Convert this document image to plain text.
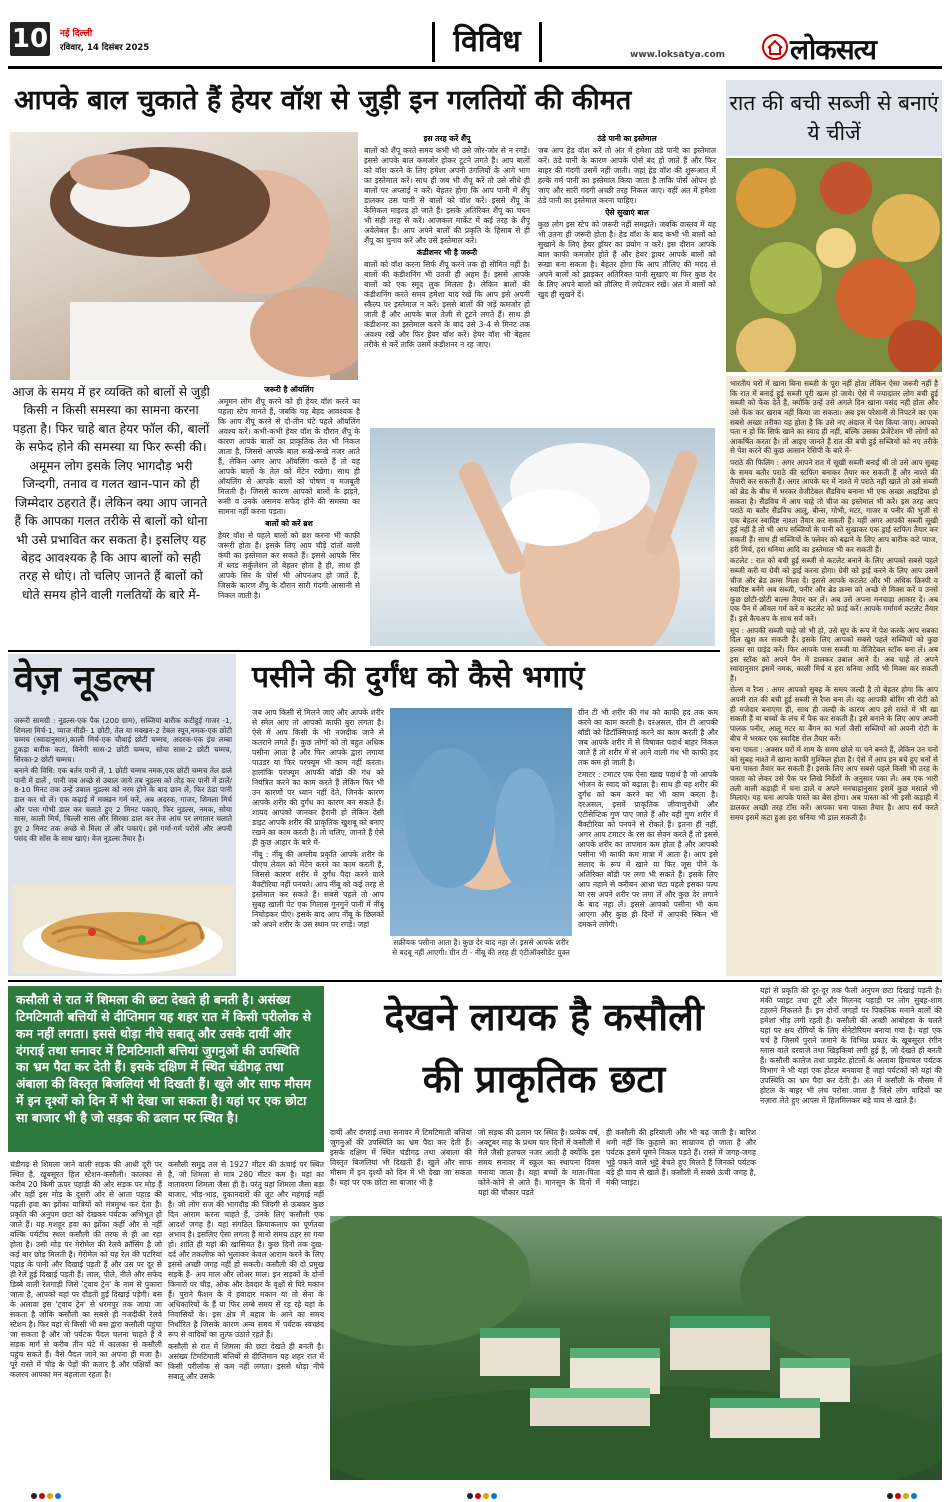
10 नई दिल्ली
रविवार, 14 दिसंबर 2025	विविध	www.loksatya.com लोकसत्य
आपके बाल चुकाते हैं हेयर वॉश से जुड़ी इन गलतियों की कीमत
आज के समय में हर व्यक्ति को बालों से जुड़ी किसी न किसी समस्या का सामना करना पड़ता है। फिर चाहे बात हेयर फॉल की, बालों के सफेद होने की समस्या या फिर रूसी की। अमूमन लोग इसके लिए भागदौड़ भरी जिन्दगी, तनाव व गलत खान-पान को ही जिम्मेदार ठहराते हैं। लेकिन क्या आप जानते हैं कि आपका गलत तरीके से बालों को धोना भी उसे प्रभावित कर सकता है। इसलिए यह बेहद आवश्यक है कि आप बालों को सही तरह से धोएं। तो चलिए जानते हैं बालों को धोते समय होने वाली गलतियों के बारे में-
जरूरी है ऑयलिंग

अमूमन लोग शैंपू करने को ही हेयर वॉश करने का पहला स्टेप मानते हैं, जबकि यह बेहद आवश्यक है कि आप शैंपू करने से दो-तीन घंटे पहले ऑयलिंग अवश्य करें। कभी-कभी हेयर वॉश के दौरान शैंपू के कारण आपके बालों का प्राकृतिक तेल भी निकल जाता है, जिससे आपके बाल रूखे-रूखे नजर आते हैं, लेकिन अगर आप ऑयलिंग करते हैं तो यह आपके बालों के तेल को मेंटेन रखेगा। साथ ही ऑयलिंग से आपके बालों को पोषण व मजबूती मिलती है। जिससे कारण आपको बालों के झड़ने, रूसी व उनके असमय सफेद होने की समस्या का सामना नहीं करना पड़ता।

बालों को करें ब्रश

हेयर वॉश से पहले बालों को ब्रश करना भी काफी जरूरी होता है। इसके लिए आप चौड़े दांतों वाली कंघी का इस्तेमाल कर सकते हैं। इससे आपके सिर में ब्लड सर्कुलेशन तो बेहतर होता है ही, साथ ही आपके सिर के पोर्स भी ओपनअप हो जाते हैं, जिसके कारण शैंपू के दौरान सारी गंदगी आसानी से निकल जाती है।

इस तरह करें शैंपू

बालों को शैंपू करते समय कभी भी उसे जोर-जोर से न रगड़ें। इससे आपके बाल कमजोर होकर टूटने लगते हैं। आप बालों को वॉश करने के लिए हमेशा अपनी उंगलियों के आगे भाग का इस्तेमाल करें। साथ ही जब भी शैंपू करें तो उसे सीधे ही बालों पर अप्लाई न करें। बेहतर होगा कि आप पानी में शैंपू डालकर उस पानी से बालों को वॉश करें। इससे शैंपू के केमिकल माइल्ड हो जाते हैं। इसके अतिरिक्त शैंपू का चयन भी सही तरह से करें। आजकल मार्केट में कई तरह के शैंपू अवेलेबल हैं। आप अपने बालों की प्रकृति के हिसाब से ही शैंपू का चुनाव करें और उसे इस्तेमाल करें।

कंडीशनर भी है जरूरी

बालों को वॉश करना सिर्फ शैंपू करने तक ही सीमित नहीं है। बालों की कंडीशनिंग भी उतनी ही अहम है। इससे आपके बालों को एक स्मूद लुक मिलता है। लेकिन बालों की कंडीशनिंग करते समय हमेशा याद रखें कि आप इसे अपनी स्कैल्प पर इस्तेमाल न करें। इससे बालों की जड़ें कमजोर हो जाती हैं और आपके बाल तेजी से टूटने लगते हैं। साथ ही कंडीशनर का इस्तेमाल करने के बाद उसे 3-4 से मिनट तक अवश्य रखें और फिर हेयर वॉश करें। हेयर वॉश भी बेहतर तरीके से करें ताकि उसमें कंडीशनर न रह जाए।

ठंडे पानी का इस्तेमाल

जब आप हेड वॉश करें तो अंत में हमेशा ठंडे पानी का इस्तेमाल करें। ठंडे पानी के कारण आपके पोर्स बंद हो जाते हैं और फिर बाहर की गंदगी उसमें नहीं जाती। जहां हेड वॉश की शुरूआत में हल्के गर्म पानी का इस्तेमाल किया जाता है ताकि पोर्स ओपन हो जाए और सारी गंदगी अच्छी तरह निकल जाए। वहीं अंत में हमेशा ठंडे पानी का इस्तेमाल करना चाहिए।

ऐसे सुखाएं बाल

कुछ लोग इस स्टेप को जरूरी नहीं समझते। जबकि वास्तव में यह भी उतना ही जरूरी होता है। हेड वॉश के बाद कभी भी बालों को सुखाने के लिए हेयर ड्रॉयर का प्रयोग न करें। इस दौरान आपके बाल काफी कमजोर होते हैं और हेयर ड्रायर आपके बालों को रूखा बना सकता है। बेहतर होगा कि आप तौलिए की मदद से अपने बालों को झाड़कर अतिरिक्त पानी सुखाएं या फिर कुछ देर के लिए अपने बालों को तौलिए में लपेटकर रखें। अंत में बालों को खुद ही सूखने दें।

रात की बची सब्जी से बनाएं ये चीजें

भारतीय घरों में खाना बिना सब्जी के पूरा नहीं होता लेकिन ऐसा जरूरी नहीं है कि रात में बनाई हुई सब्जी पूरी खत्म हो जाये। ऐसे में ज्यादातर लोग बची हुई सब्जी को फेंक देते हैं, क्योंकि उन्हें उसे अगले दिन खाना पसंद नहीं होता और उसे फेंक कर खराब नहीं किया जा सकता। अब इस परेशानी से निपटने का एक सबसे अच्छा तरीका यह होता है कि उसे नए अंदाज में पेश किया जाए। आपको पता न हो कि सिर्फ खाने का स्वाद ही नहीं, बल्कि उसका प्रेजेंटेशन भी लोगों को आकर्षित करता है। तो आइए जानते हैं रात की बची हुई सब्जियों को नए तरीके से पेश करने की कुछ आसान रेसिपी के बारे में-

पराठे की फिलिंग : अगर आपने रात में सूखी सब्जी बनाई थी तो उसे आप सुबह के समय बतौर पराठे की स्टफिंग बनाकर तैयार कर सकती हैं और नाश्ते की तैयारी कर सकती हैं। अगर आपके घर में नाश्ते में पराठे नहीं खाते तो उसे सब्जी को ब्रेड के बीच में भरकर वेजीटेबल सैंडविच बनाना भी एक अच्छा आइडिया हो सकता है। सैंडविच में आप चाहे तो चीज का इस्तेमाल भी करें। इस तरह आप पराठे या बतौर सैंडविच आलू, बीन्स, गोभी, मटर, गाजर व पनीर की भुर्जी से एक बेहतर स्वादिष्ट नाश्ता तैयार कर सकती हैं। यहीं अगर आपकी सब्जी सूखी हुई नहीं है तो भी आप सब्जियों के पानी को सुखाकर एक ड्राई स्टफिंग तैयार कर सकती हैं। साथ ही सब्जियों के फ्लेवर को बढ़ाने के लिए आप बारीक कटे प्याज, हरी मिर्च, हरा धनिया आदि का इस्तेमाल भी कर सकती हैं।

कटलेट : रात को बची हुई सब्जी से कटलेट बनाने के लिए आपको सबसे पहले सब्जी करी या ग्रेवी को ड्राई करना होगा। ग्रेवी को ड्राई करने के लिए आप उसमें चीज और ब्रेड क्रम्स मिला दें। इससे आपके कटलेट और भी अधिक क्रिस्पी व स्वादिष्ट बनेंगे अब सब्जी, पनीर और ब्रेड क्रम्स को अच्छे से मिक्स करें व उनसे कुछ छोटी-छोटी बाल्स तैयार कर लें। अब उसे अपना मनचाहा आकार दें। अब एक पैन में ऑयल गर्म करें व कटलेट को फ्राई करें। आपके गर्मागर्म कटलेट तैयार हैं। इसे कैचअप के साथ सर्व करें।

सूप : आपकी सब्जी चाहे जो भी हो, उसे सूप के रूप में पेश करके आप सबका दिल खुश कर सकती हैं। इसके लिए आपको सबसे पहले सब्जियों को कुछ हल्का सा ग्राइंड करें। फिर आपके पास सब्जी या वेजिटेबल स्टॉक बना लें। अब इस स्टॉक को अपने पैन में डालकर उबाल आने दें। अब चाहें तो अपने स्वादानुसार इसमें नमक, काली मिर्च व हरा धनिया आदि भी मिक्स कर सकती हैं।

रोल्स व रैप्स : अगर आपको सुबह के समय जल्दी है तो बेहतर होगा कि आप अपनी रात की बची हुई सब्जी से रैप्स बना लें। यह आपकी बोरिंग सी रोटी को ही मजेदार बनाएगा ही, साथ ही जल्दी के कारण आप इसे रास्ते में भी खा सकती हैं या बच्चों के लंच में पैक कर सकती हैं। इसे बनाने के लिए आप अपनी पालक पनीर, आलू मटर या बैंगन का भर्ता जैसी सब्जियों को अपनी रोटी के बीच में भरकर एक स्वादिष्ट रोल तैयार करें।

चना पास्ता : अक्सर घरों में शाम के समय छोले या चने बनते हैं, लेकिन उन चनों को सुबह नाश्ते में खाना काफी मुश्किल होता है। ऐसे में आप इन बचे हुए चनों से चना पास्ता तैयार कर सकती हैं। इसके लिए आप सबसे पहले किसी भी तरह के पास्ता को लेकर उसे पैक पर लिखे निर्देशों के अनुसार पका लें। अब एक भारी तली वाली कड़ाही में चना डालें व अपने मनचाहानुसार इसमें कुछ मसाले भी मिलाएं। यह चना आपके पास्ते का बेस होगा। अब पास्ता को भी इसी कड़ाही में डालकर अच्छी तरह टॉस करें। आपका चना पास्ता तैयार है। आप सर्व करते समय इसमें कटा हुआ हरा धनिया भी डाल सकती हैं।

वेज़ नूडल्स

जरूरी सामग्री : नूडल्स-एक पैक (200 ग्राम), सब्जियां बारीक कटीहुई गाजर -1, शिमला मिर्च-1, प्याज मीडी- 1 छोटी, तेल या मक्खन-2 टेबल स्पून,नमक-एक छोटी चम्मच (स्वादानुसार),काली मिर्च-एक चौथाई छोटी चम्मच, अदरक-एक इंच लम्बा टुकड़ा बारीक कटा, विनेगी सास-2 छोटी चम्मच, सोया सास-2 छोटी चम्मच, सिरका-2 छोटी चम्मच।

बनाने की विधि: एक बर्तन पानी लें, 1 छोटी चम्मच नमक,एक छोटी चम्मच तेल डाले पानी में डालें , पानी जब अच्छे से उबाल जाये तब नूडल्स को तोड़ कर पानी में डालें/ 8-10 मिनट तक उन्हें उबाल नूडल्स को नरम होने के बाद छान लें, फिर ठंडा पानी डाल कर धो लें। एक कढ़ाई में मक्खन गर्म करें, अब अदरक, गाजर, शिमला मिर्च और पत्ता गोभी डाल कर चलाते हुए 2 मिनट पकाएं, फिर नूडल्स, नमक, सोया सास, काली मिर्च, चिल्ली सास और सिरका डाल कर तेज आंच पर लगातार चलाते हुए 2 मिनट तक अच्छे से मिला लें और पकाएं। इसे गर्मा-गर्म परोसें और अपनी पसंद की सॉस के साथ खाएं। वेज नूडल्स तैयार है।

पसीने की दुर्गंध को कैसे भगाएं

जब आप किसी से मिलने जाएं और आपके शरीर से स्मेल आए तो आपको काफी बुरा लगता है। ऐसे में आप किसी के भी नजदीक जाने से कतराने लगते हैं। कुछ लोगों को तो बहुत अधिक पसीना आता है और फिर आपके द्वारा लगाया पाउडर या फिर परफ्यूम भी काम नहीं करता। हालांकि परफ्यूम आपकी बॉडी की गंध को नियंत्रित करने का काम करते हैं लेकिन फिर भी उन कारणों पर ध्यान नहीं देते, जिनके कारण आपके शरीर की दुर्गंध का कारण बन सकते हैं। शायद आपको जानकर हैरानी हो लेकिन देसी डाइट आपके शरीर की प्राकृतिक खुशबू को बनाए रखने का काम करती है। तो चलिए, जानते हैं ऐसे ही कुछ आहार के बारे में-

नींबू : नींबू की अम्लीय प्रकृति आपके शरीर के पीएच लेवल को मेंटेन करने का काम करती है, जिससे कारण शरीर में दुर्गंध पैदा करने वाले बैक्टीरिया नहीं पनपते। आप नींबू को कई तरह से इस्तेमाल कर सकते हैं। सबसे पहले तो आप सुबह खाली पेट एक गिलास गुनगुने पानी में नींबू निचोड़कर पीएं। इसके बाद आप नींबू के छिलकों को अपने शरीर के उस स्थान पर रगड़ें। जहां

सक्रीयक पसीना आता है। कुछ देर बाद नहा लें। इससे आपके शरीर से बदबू नहीं आएगी। ग्रीन टी - नींबू की तरह ही एंटीऑक्सीडेंट युक्त

ग्रीन टी भी शरीर की गंध को काफी हद तक कम करने का काम करती है। दरअसल, ग्रीन टी आपकी बॉडी को डिटॉक्सिफाई करने का काम करती है और जब आपके शरीर में से विषाक्त पदार्थ बाहर निकल जाते हैं तो शरीर में से आने वाली गंध भी काफी हद तक कम हो जाती है।

टमाटर : टमाटर एक ऐसा खाद्य पदार्थ है जो आपके भोजन के स्वाद को बढ़ाता है। साथ ही यह शरीर की दुर्गंध को कम करने का भी काम करता है। दरअसल, इसमें प्राकृतिक जीवाणुरोधी और एंटीसेप्टिक गुण पाए जाते हैं और यही गुण शरीर में बैक्टीरिया को पनपने से रोकते हैं। इतना ही नहीं, अगर आप टमाटर के रस का सेवन करते हैं तो इससे आपके शरीर का तापमान कम होता है और आपको पसीना भी काफी कम मात्रा में आता है। आप इसे सलाद के रूप में खाने या फिर जूस पीने के अतिरिक्त बॉडी पर लगा भी सकते हैं। इसके लिए आप नहाने से करीबन आधा घंटा पहले इसका पल्प या रस अपने शरीर पर लगा लें और कुछ देर लगाने के बाद नहा लें। इससे आपको पसीना भी कम आएगा और कुछ ही दिनों में आपकी स्किन भी दमकने लगेगी।

कसौली से रात में शिमला की छटा देखते ही बनती है। असंख्य टिमटिमाती बत्तियों से दीप्तिमान यह शहर रात में किसी परीलोक से कम नहीं लगता। इससे थोड़ा नीचे सबातू और उसके दायीं ओर दंगराई तथा सनावर में टिमटिमाती बत्तियां जुगनुओं की उपस्थिति का भ्रम पैदा कर देती हैं। इसके दक्षिण में स्थित चंडीगढ़ तथा अंबाला की विस्तृत बिजलियां भी दिखती हैं। खुले और साफ मौसम में इन दृश्यों को दिन में भी देखा जा सकता है। यहां पर एक छोटा सा बाजार भी है जो सड़क की ढलान पर स्थित है।
देखने लायक है कसौली
की प्राकृतिक छटा

यहां से प्रकृति की दूर-दूर तक फैली अनुपम छटा दिखाई पड़ती है। मंकी प्वाइंट तथा टूरी और मिलनद पहाड़ी पर लोग सुबह-शाम टहलने निकलते हैं। इन दोनों जगहों पर पिकनिक मनाने वालों की हमेशा भीड़ लगी रहती है। कसौली की अच्छी आबोहवा के चलते यहां पर क्षय रोगियों के लिए सेनेटोरियम बनाया गया है। यहां एक चर्च है जिसमें पुराने जमाने के विभिन्न प्रकार के खूबसूरत रंगीन ग्लास वाले दरवाजे तथा खिड़कियां लगी हुई हैं, जो देखते ही बनती हैं। कसौली कालेज तथा प्राइवेट होटलों के अलावा हिमाचल पर्यटक विभाग ने भी यहां एक होटल बनवाया है जहां पर्यटकों को यहां की उपस्थिति का भ्रम पैदा कर देती है। अंत में कसौली के मौसम में होटल के बाहर भी लंच परोसा जाता है जिसे लोग वादियों का नज़ारा लेते हुए आपस में हिलमिलकर बड़े चाव से खाते हैं।

चंडीगढ़ से शिमला जाने वाली सड़क की आधी दूरी पर स्थित है, खूबसूरत हिल स्टेशन-कसौली। कालका से करीब 20 किमी ऊपर पहाड़ी की ओर सड़क पर मोड़ हैं और वहीं इस मोड़ के दूसरी ओर से आता पहाड़ की पहली हवा का झोंका यात्रियों को मंत्रमुग्ध कर देता है। प्रकृति की अनुपम छटा को देखकर पर्यटक अभिभूत हो जाते हैं। यह मशहूर हवा का झोंका कहीं और से नहीं बल्कि पर्यटीय स्थल कसौली की तरफ से ही आ रहा होता है। उसी मोड़ पर गेरोमेल की रेलवे क्रॉसिंग है जो कई बार छोड़ मिलती है। गेरोमेल को यह रेल की पटरियां पहाड़ के पानी और दिखाई पड़ती हैं और उस पर दूर से ही रेलें हुई दिखाई पड़ती हैं। लाल, पीले, नीले और सफेद डिब्बे वाली रेलगाड़ी जिसे 'ट्वाय ट्रेन' के नाम से पुकारा जाता है, आपको यहां पर दौड़ती हुई दिखाई पड़ेगी। बस के अलावा इस 'ट्वाय ट्रेन' से धरमपुर तक जाया जा सकता है जोकि कसौली का सबसे ही नजदीकी रेलवे स्टेशन है। फिर यहां से किसी भी बस द्वारा कसौली पहुंचा जा सकता है और जो पर्यटक पैदल चलना चाहते हैं वे सड़क मार्ग से करीब तीन घंटे में कालका से कसौली पहुंच सकते हैं। वैसे पैदल जाने का अपना ही मजा है। पूरे रास्ते में चीड़ के पेड़ों की कतार है और पक्षियों का कलरव आपका मन बहलाता रहता है।

कसौली समुद्र तल से 1927 मीटर की ऊंचाई पर स्थित है, जो शिमला से मात्र 280 मीटर कम है। यहां का वातावरण शिमला जैसा ही है। परंतु यहां शिमला जैसा बड़ा बाजार, भीड़-भाड़, दुकानदारों की लूट और महंगाई नहीं है। जो लोग राज की भागदौड़ की जिंदगी से ऊबकर कुछ दिन आराम करना चाहते हैं, उनके लिए कसौली एक आदर्श जगह है। यहां संगठित क्रियाकलाप का पूर्णतया अभाव है। इसलिए ऐसा लगता है मानो समय ठहर सा गया हो। शांति ही यहां की खासियत है। कुछ दिनों तक दुख-दर्द और तकलीफ़ को भुलाकर केवल आराम करने के लिए इससे अच्छी जगह नहीं हो सकती। कसौली की दो प्रमुख सड़कें हैं- अप माल और लोअर माल। इन सड़कों के दोनों किनारों पर चीड़, ओक और देवदार के वृक्षों से घिरे मकान हैं। पुराने फैशन के ये हवादार मकान या तो सेना के अधिकारियों के हैं या फिर लम्बे समय से रह रहे यहां के निवासियों के। इस क्षेत्र में बहाव के आने का समय निर्धारित है जिसके कारण अन्य समय में पर्यटक स्वच्छंद रूप से वादियों का लुत्फ उठाते रहते हैं।

कसौली से रात में शिमला की छटा देखते ही बनती है। असंख्य टिमटिमाती बत्तियों से दीप्तिमान यह शहर रात में किसी परीलोक से कम नहीं लगता। इससे थोड़ा नीचे सबातू और उसके

दायीं और दंगराई तथा सनावर में टिमटिमाती बत्तियां जुगनुओं की उपस्थिति का भ्रम पैदा कर देती हैं। इसके दक्षिण में स्थित चंडीगढ़ तथा अंबाला की विस्तृत बिजलियां भी दिखती हैं। खुले और साफ मौसम में इन दृश्यों को दिन में भी देखा जा सकता है। यहां पर एक छोटा सा बाजार भी है

जो सड़क की ढलान पर स्थित है। प्रत्येक वर्ष, अक्टूबर माह के प्रथम चार दिनों में कसौली में मेले जैसी हलचल नजर आती है क्योंकि इस समय सनावर में स्कूल का स्थापना दिवस मनाया जाता है। यहां बच्चों के माता-पिता कोने-कोने से आते हैं। मानसून के दिनों में यहां की चौकार पड़ते

ही कसौली की हरियाली और भी बढ़ जाती है। बारिश थमी नहीं कि कुहासे का साम्राज्य हो जाता है और पर्यटक इसमें घूमने निकल पड़ते हैं। रास्ते में जगह-जगह भुट्टे पकने वाले भुट्टे बेचते हुए मिलते हैं जिनको पर्यटक बड़े ही चाव से खाते हैं। कसौली में सबसे ऊंची जगह है, मंकी प्वाइंट।
